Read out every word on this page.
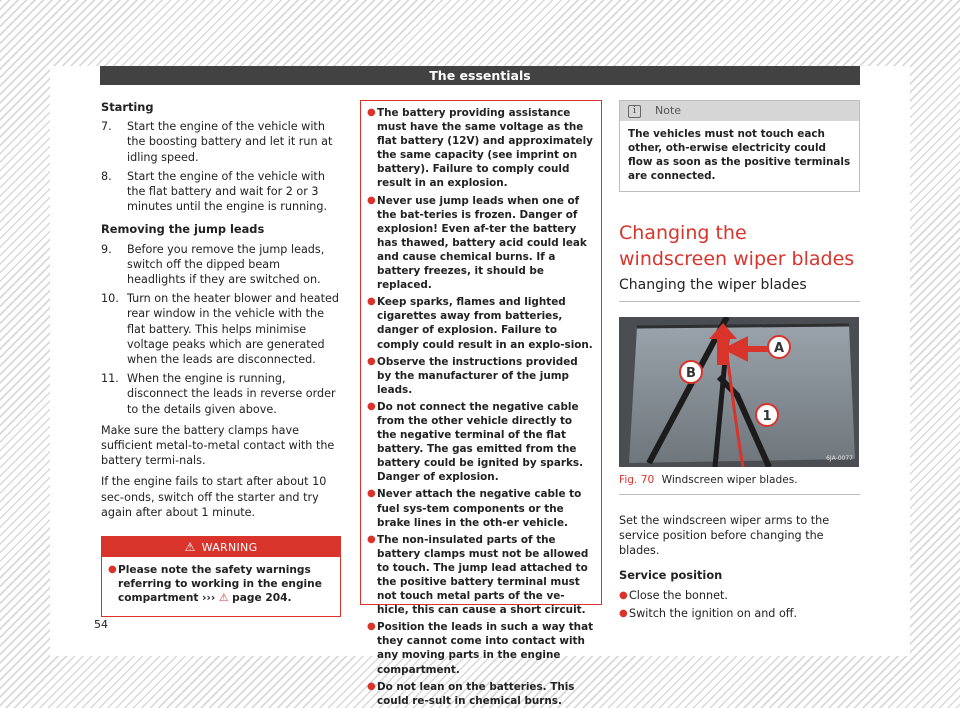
The essentials
Starting
7.	Start the engine of the vehicle with the boosting battery and let it run at idling speed.
8.	Start the engine of the vehicle with the flat battery and wait for 2 or 3 minutes until the engine is running.
Removing the jump leads
9.	Before you remove the jump leads, switch off the dipped beam headlights if they are switched on.
10. Turn on the heater blower and heated rear window in the vehicle with the flat battery. This helps minimise voltage peaks which are generated when the leads are disconnected.
11. When the engine is running, disconnect the leads in reverse order to the details given above.

Make sure the battery clamps have sufficient metal-to-metal contact with the battery termi-nals.

If the engine fails to start after about 10 sec-onds, switch off the starter and try again after about 1 minute.

⚠ WARNING
● Please note the safety warnings referring to working in the engine compartment ››› ⚠ page 204.
● The battery providing assistance must have the same voltage as the flat battery (12V) and approximately the same capacity (see imprint on battery). Failure to comply could result in an explosion.
● Never use jump leads when one of the bat-teries is frozen. Danger of explosion! Even af-ter the battery has thawed, battery acid could leak and cause chemical burns. If a battery freezes, it should be replaced.
● Keep sparks, flames and lighted cigarettes away from batteries, danger of explosion. Failure to comply could result in an explo-sion.
● Observe the instructions provided by the manufacturer of the jump leads.
● Do not connect the negative cable from the other vehicle directly to the negative terminal of the flat battery. The gas emitted from the battery could be ignited by sparks. Danger of explosion.
● Never attach the negative cable to fuel sys-tem components or the brake lines in the oth-er vehicle.
● The non-insulated parts of the battery clamps must not be allowed to touch. The jump lead attached to the positive battery terminal must not touch metal parts of the ve-hicle, this can cause a short circuit.
● Position the leads in such a way that they cannot come into contact with any moving parts in the engine compartment.
● Do not lean on the batteries. This could re-sult in chemical burns.
i Note
The vehicles must not touch each other, oth-erwise electricity could flow as soon as the positive terminals are connected.
Changing the windscreen wiper blades
Changing the wiper blades
A
B
1
6JA-0077
Fig. 70 Windscreen wiper blades.

Set the windscreen wiper arms to the service position before changing the blades.

Service position
● Close the bonnet.
● Switch the ignition on and off.
54
